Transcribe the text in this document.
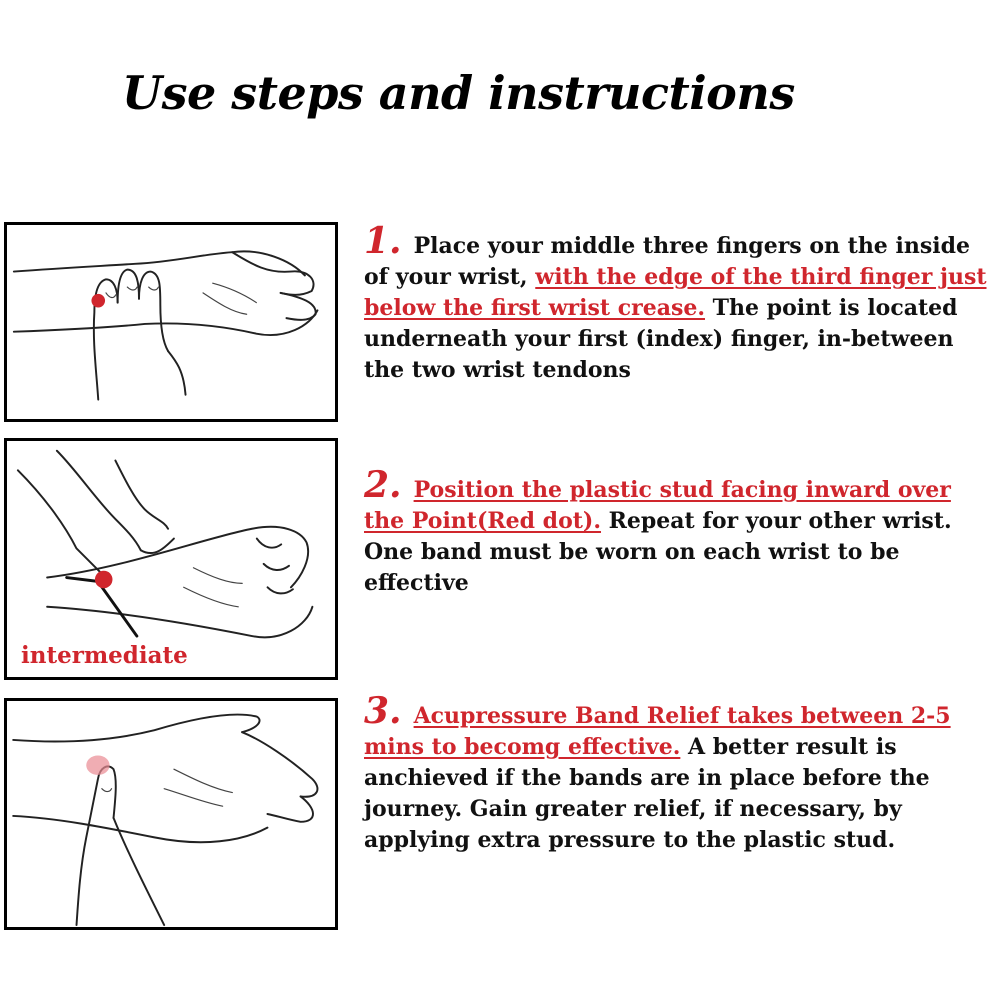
Use steps and instructions
intermediate

1. Place your middle three fingers on the inside of your wrist, with the edge of the third finger just below the first wrist crease. The point is located underneath your first (index) finger, in-between the two wrist tendons

2. Position the plastic stud facing inward over the Point(Red dot). Repeat for your other wrist. One band must be worn on each wrist to be effective

3. Acupressure Band Relief takes between 2-5 mins to becomg effective. A better result is anchieved if the bands are in place before the journey. Gain greater relief, if necessary, by applying extra pressure to the plastic stud.
